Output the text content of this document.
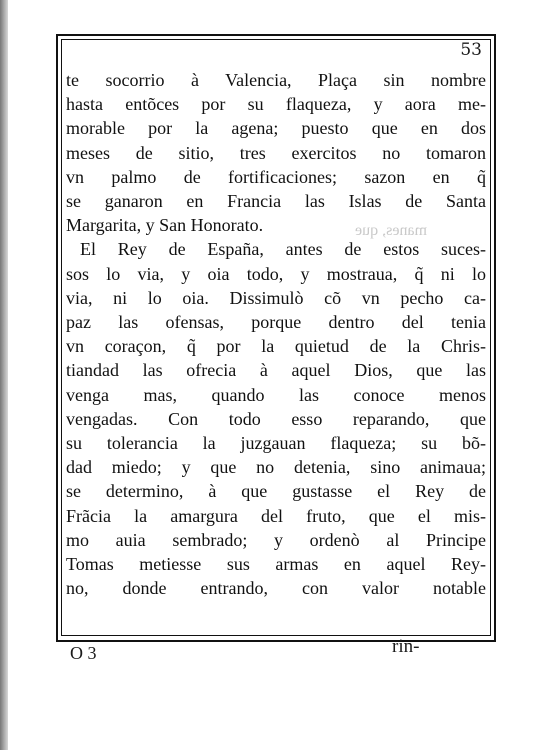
53
manes, que
te socorrio à Valencia, Plaça sin nombre
hasta entõces por su flaqueza, y aora me-
morable por la agena; puesto que en dos
meses de sitio, tres exercitos no tomaron
vn palmo de fortificaciones; sazon en q̃
se ganaron en Francia las Islas de Santa
Margarita, y San Honorato.
El Rey de España, antes de estos suces-
sos lo via, y oia todo, y mostraua, q̃ ni lo
via, ni lo oia. Dissimulò cõ vn pecho ca-
paz las ofensas, porque dentro del tenia
vn coraçon, q̃ por la quietud de la Chris-
tiandad las ofrecia à aquel Dios, que las
venga mas, quando las conoce menos
vengadas. Con todo esso reparando, que
su tolerancia la juzgauan flaqueza; su bõ-
dad miedo; y que no detenia, sino animaua;
se determino, à que gustasse el Rey de
Frãcia la amargura del fruto, que el mis-
mo auia sembrado; y ordenò al Principe
Tomas metiesse sus armas en aquel Rey-
no, donde entrando, con valor notable
O 3	rin-
